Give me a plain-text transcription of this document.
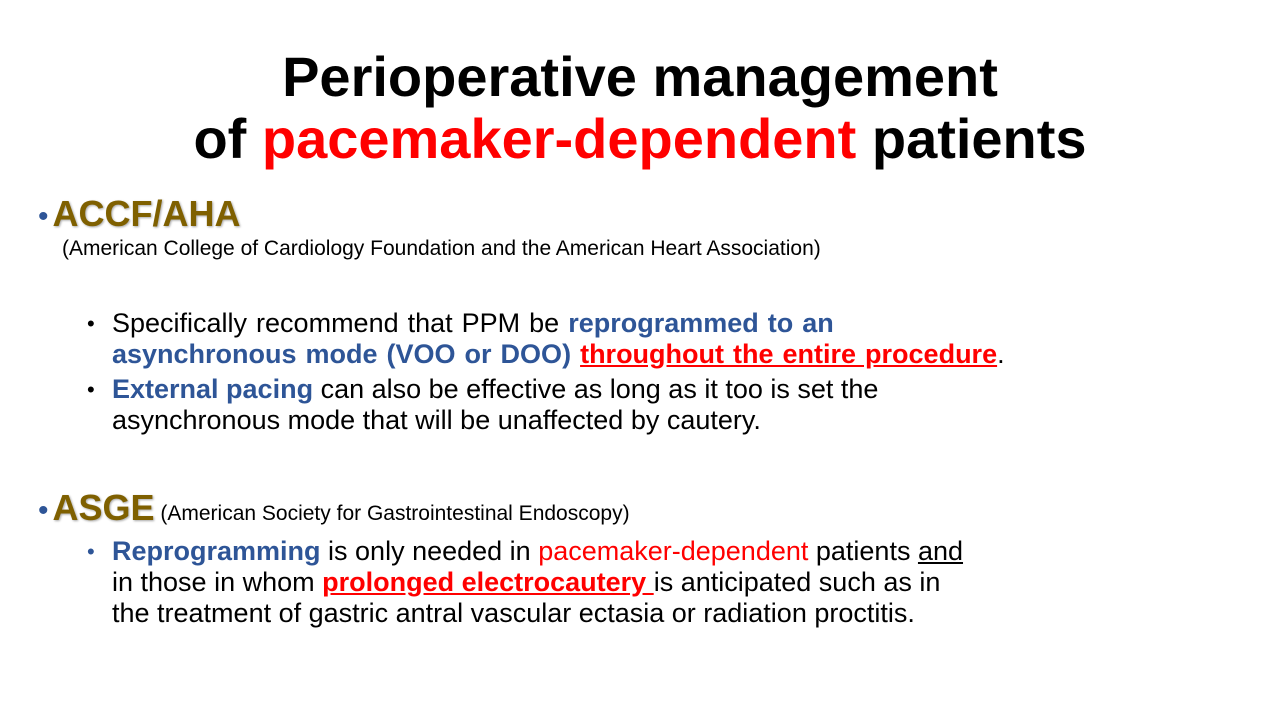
Perioperative management
of pacemaker-dependent patients
• ACCF/AHA
(American College of Cardiology Foundation and the American Heart Association)
• Specifically recommend that PPM be reprogrammed to an
asynchronous mode (VOO or DOO) throughout the entire procedure.
• External pacing can also be effective as long as it too is set the
asynchronous mode that will be unaffected by cautery.
• ASGE (American Society for Gastrointestinal Endoscopy)
• Reprogramming is only needed in pacemaker-dependent patients and
in those in whom prolonged electrocautery is anticipated such as in
the treatment of gastric antral vascular ectasia or radiation proctitis.
